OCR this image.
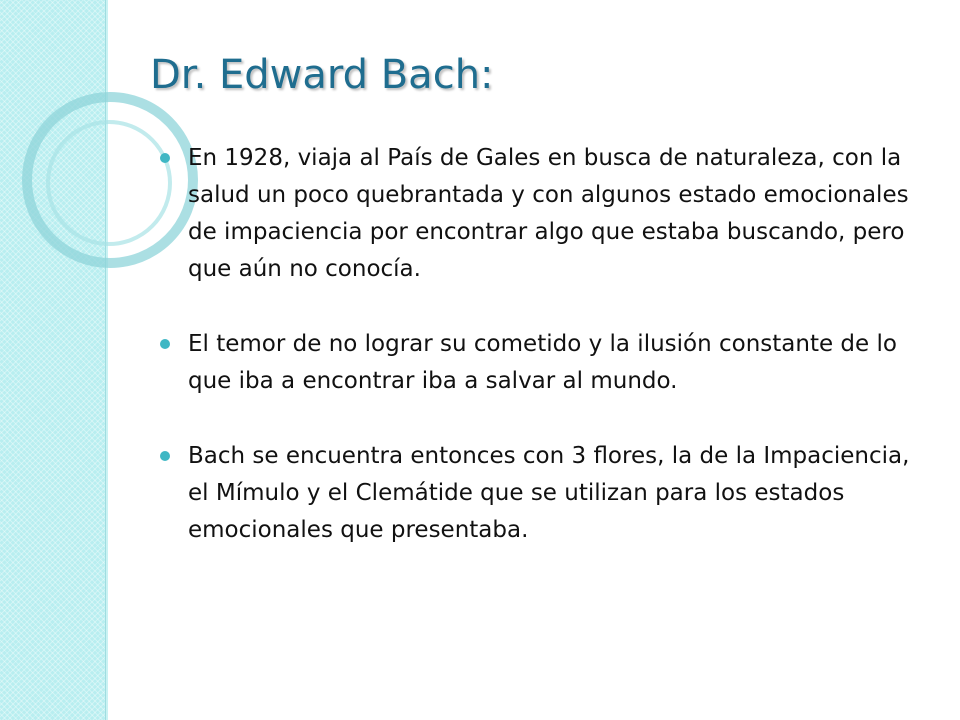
Dr. Edward Bach:
En 1928, viaja al País de Gales en busca de naturaleza, con la salud un poco quebrantada y con algunos estado emocionales de impaciencia por encontrar algo que estaba buscando, pero que aún no conocía.
El temor de no lograr su cometido y la ilusión constante de lo que iba a encontrar iba a salvar al mundo.
Bach se encuentra entonces con 3 flores, la de la Impaciencia, el Mímulo y el Clemátide que se utilizan para los estados emocionales que presentaba.
